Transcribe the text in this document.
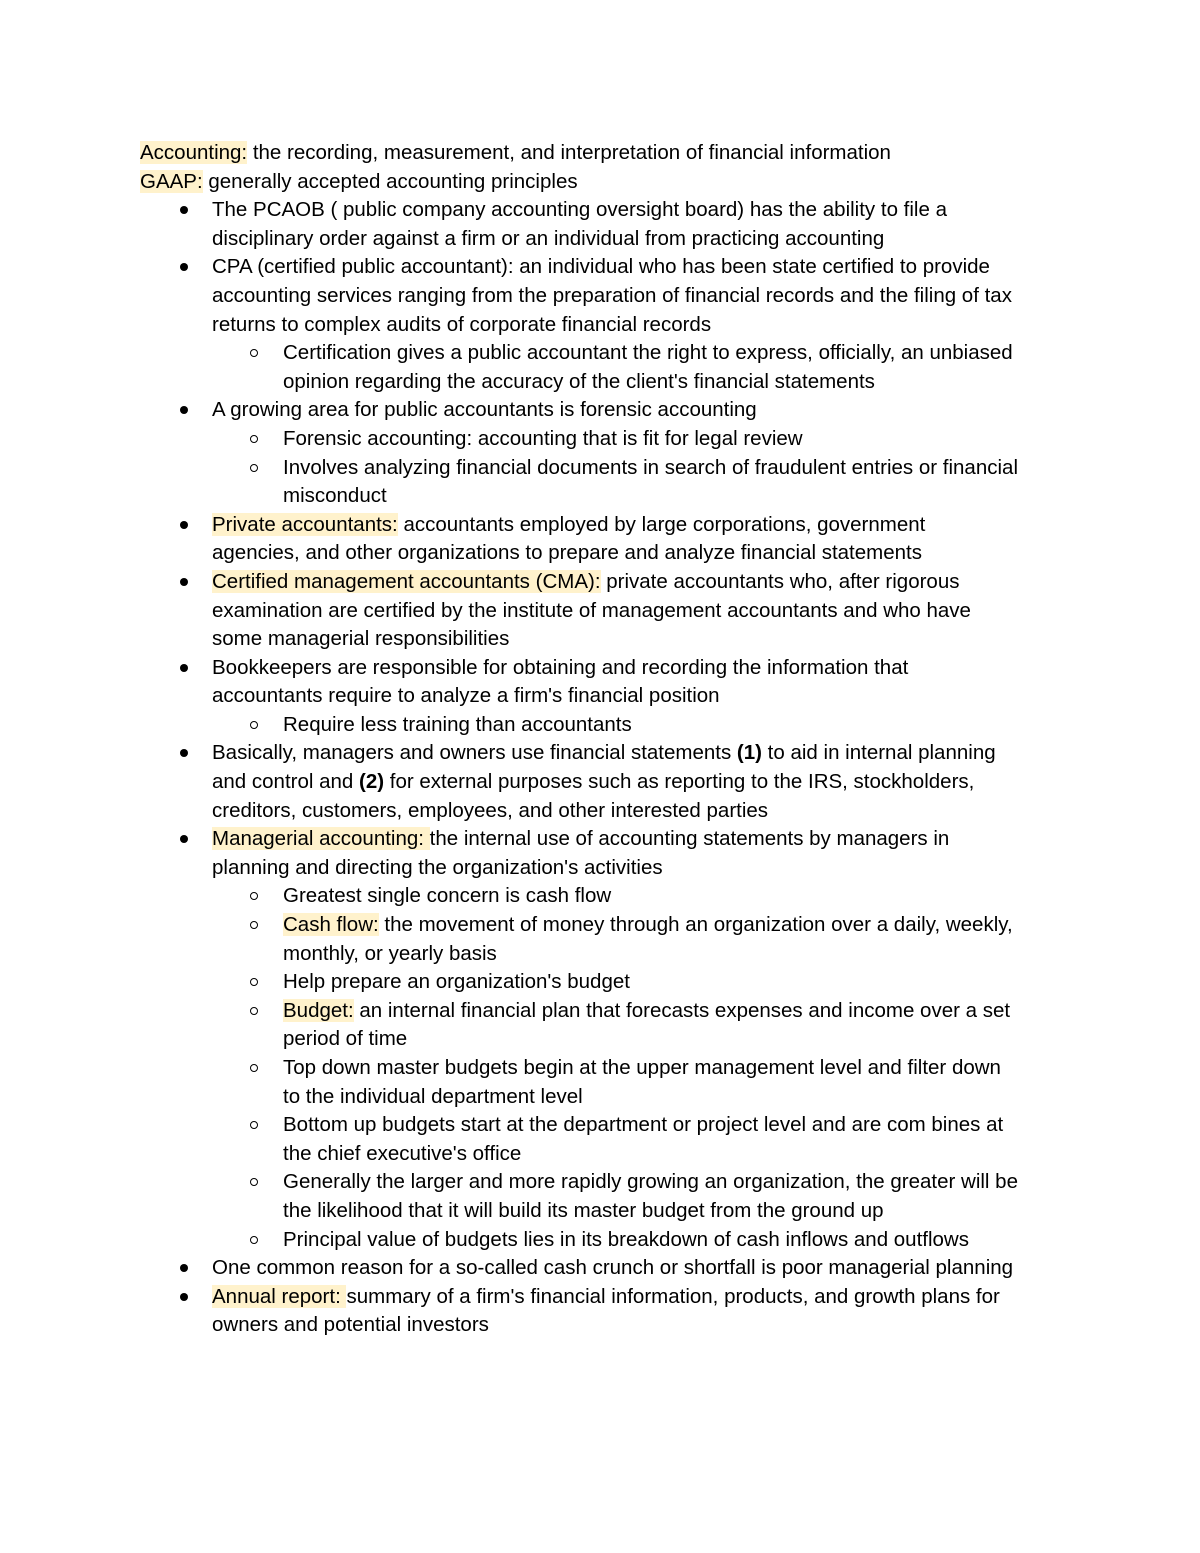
Accounting: the recording, measurement, and interpretation of financial information
GAAP: generally accepted accounting principles
The PCAOB ( public company accounting oversight board) has the ability to file a
disciplinary order against a firm or an individual from practicing accounting
CPA (certified public accountant): an individual who has been state certified to provide
accounting services ranging from the preparation of financial records and the filing of tax
returns to complex audits of corporate financial records
Certification gives a public accountant the right to express, officially, an unbiased
opinion regarding the accuracy of the client's financial statements
A growing area for public accountants is forensic accounting
Forensic accounting: accounting that is fit for legal review
Involves analyzing financial documents in search of fraudulent entries or financial
misconduct
Private accountants: accountants employed by large corporations, government
agencies, and other organizations to prepare and analyze financial statements
Certified management accountants (CMA): private accountants who, after rigorous
examination are certified by the institute of management accountants and who have
some managerial responsibilities
Bookkeepers are responsible for obtaining and recording the information that
accountants require to analyze a firm's financial position
Require less training than accountants
Basically, managers and owners use financial statements (1) to aid in internal planning
and control and (2) for external purposes such as reporting to the IRS, stockholders,
creditors, customers, employees, and other interested parties
Managerial accounting: the internal use of accounting statements by managers in
planning and directing the organization's activities
Greatest single concern is cash flow
Cash flow: the movement of money through an organization over a daily, weekly,
monthly, or yearly basis
Help prepare an organization's budget
Budget: an internal financial plan that forecasts expenses and income over a set
period of time
Top down master budgets begin at the upper management level and filter down
to the individual department level
Bottom up budgets start at the department or project level and are com bines at
the chief executive's office
Generally the larger and more rapidly growing an organization, the greater will be
the likelihood that it will build its master budget from the ground up
Principal value of budgets lies in its breakdown of cash inflows and outflows
One common reason for a so-called cash crunch or shortfall is poor managerial planning
Annual report: summary of a firm's financial information, products, and growth plans for
owners and potential investors
